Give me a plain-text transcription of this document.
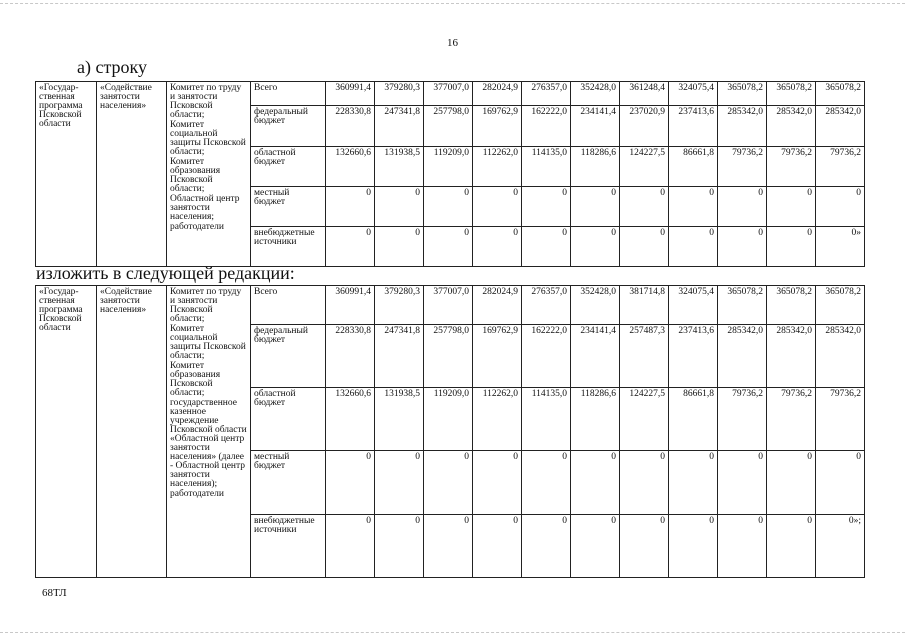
16
а) строку
«Государ-ственная программа Псковской области	«Содействие занятости населения»	Комитет по труду и занятости Псковской области;
Комитет социальной защиты Псковской области;
Комитет образования Псковской области;
Областной центр занятости населения;
работодатели	Всего	360991,4	379280,3	377007,0	282024,9	276357,0	352428,0	361248,4	324075,4	365078,2	365078,2	365078,2
			федеральный бюджет	228330,8	247341,8	257798,0	169762,9	162222,0	234141,4	237020,9	237413,6	285342,0	285342,0	285342,0
			областной бюджет	132660,6	131938,5	119209,0	112262,0	114135,0	118286,6	124227,5	86661,8	79736,2	79736,2	79736,2
			местный бюджет	0	0	0	0	0	0	0	0	0	0	0
			внебюджетные источники	0	0	0	0	0	0	0	0	0	0	0»
изложить в следующей редакции:
«Государ-ственная программа Псковской области	«Содействие занятости населения»	Комитет по труду и занятости Псковской области;
Комитет социальной защиты Псковской области;
Комитет образования Псковской области;
государственное казенное учреждение Псковской области «Областной центр занятости населения» (далее - Областной центр занятости населения);
работодатели	Всего	360991,4	379280,3	377007,0	282024,9	276357,0	352428,0	381714,8	324075,4	365078,2	365078,2	365078,2
			федеральный бюджет	228330,8	247341,8	257798,0	169762,9	162222,0	234141,4	257487,3	237413,6	285342,0	285342,0	285342,0
			областной бюджет	132660,6	131938,5	119209,0	112262,0	114135,0	118286,6	124227,5	86661,8	79736,2	79736,2	79736,2
			местный бюджет	0	0	0	0	0	0	0	0	0	0	0
			внебюджетные источники	0	0	0	0	0	0	0	0	0	0	0»;
68ТЛ
